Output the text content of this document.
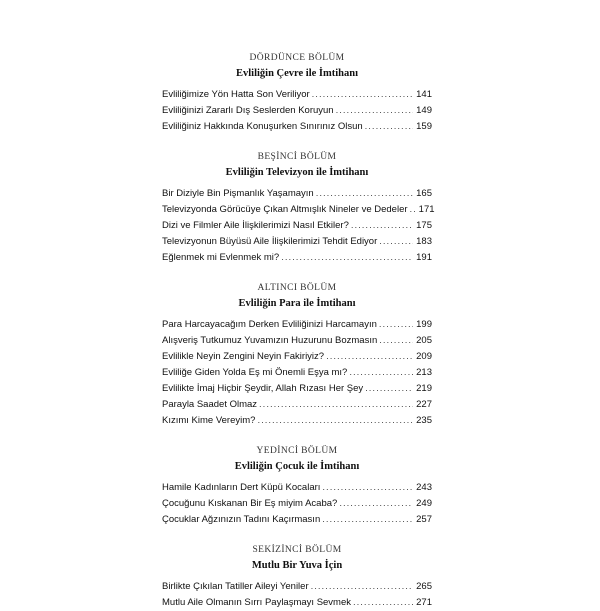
DÖRDÜNCE BÖLÜM
Evliliğin Çevre ile İmtihanı
Evliliğimize Yön Hatta Son Veriliyor .....	141
Evliliğinizi Zararlı Dış Seslerden Koruyun .....	149
Evliliğiniz Hakkında Konuşurken Sınırınız Olsun .....	159
BEŞİNCİ BÖLÜM
Evliliğin Televizyon ile İmtihanı
Bir Diziyle Bin Pişmanlık Yaşamayın .....	165
Televizyonda Görücüye Çıkan Altmışlık Nineler ve Dedeler .....	171
Dizi ve Filmler Aile İlişkilerimizi Nasıl Etkiler? .....	175
Televizyonun Büyüsü Aile İlişkilerimizi Tehdit Ediyor .....	183
Eğlenmek mi Evlenmek mi? .....	191
ALTINCI BÖLÜM
Evliliğin Para ile İmtihanı
Para Harcayacağım Derken Evliliğinizi Harcamayın .....	199
Alışveriş Tutkumuz Yuvamızın Huzurunu Bozmasın .....	205
Evlilikle Neyin Zengini Neyin Fakiriyiz? .....	209
Evliliğe Giden Yolda Eş mi Önemli Eşya mı? .....	213
Evlilikte İmaj Hiçbir Şeydir, Allah Rızası Her Şey .....	219
Parayla Saadet Olmaz .....	227
Kızımı Kime Vereyim? .....	235
YEDİNCİ BÖLÜM
Evliliğin Çocuk ile İmtihanı
Hamile Kadınların Dert Küpü Kocaları .....	243
Çocuğunu Kıskanan Bir Eş miyim Acaba? .....	249
Çocuklar Ağzınızın Tadını Kaçırmasın .....	257
SEKİZİNCİ BÖLÜM
Mutlu Bir Yuva İçin
Birlikte Çıkılan Tatiller Aileyi Yeniler .....	265
Mutlu Aile Olmanın Sırrı Paylaşmayı Sevmek .....	271
